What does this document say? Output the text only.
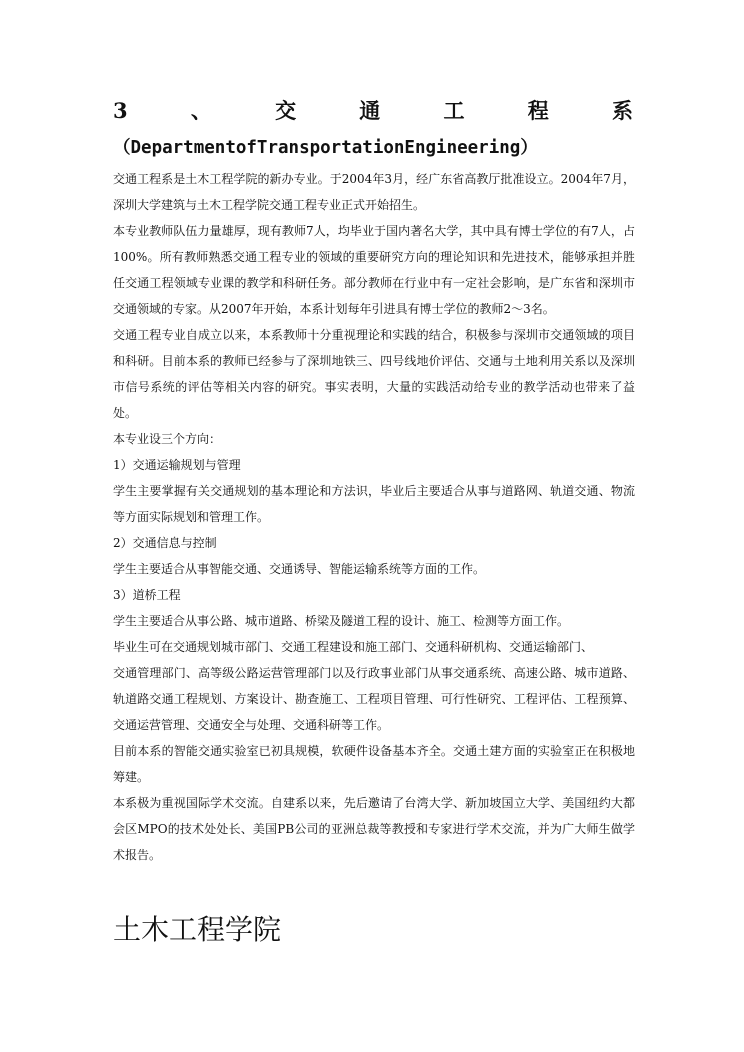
3	、	交	通	工	程	系
（DepartmentofTransportationEngineering）

交通工程系是土木工程学院的新办专业。于2004年3月，经广东省高教厅批准设立。2004年7月，深圳大学建筑与土木工程学院交通工程专业正式开始招生。

本专业教师队伍力量雄厚，现有教师7人，均毕业于国内著名大学，其中具有博士学位的有7人，占100%。所有教师熟悉交通工程专业的领域的重要研究方向的理论知识和先进技术，能够承担并胜任交通工程领域专业课的教学和科研任务。部分教师在行业中有一定社会影响，是广东省和深圳市交通领域的专家。从2007年开始，本系计划每年引进具有博士学位的教师2～3名。

交通工程专业自成立以来，本系教师十分重视理论和实践的结合，积极参与深圳市交通领域的项目和科研。目前本系的教师已经参与了深圳地铁三、四号线地价评估、交通与土地利用关系以及深圳市信号系统的评估等相关内容的研究。事实表明，大量的实践活动给专业的教学活动也带来了益处。

本专业设三个方向：

1）交通运输规划与管理

学生主要掌握有关交通规划的基本理论和方法识，毕业后主要适合从事与道路网、轨道交通、物流等方面实际规划和管理工作。

2）交通信息与控制

学生主要适合从事智能交通、交通诱导、智能运输系统等方面的工作。

3）道桥工程

学生主要适合从事公路、城市道路、桥梁及隧道工程的设计、施工、检测等方面工作。

毕业生可在交通规划城市部门、交通工程建设和施工部门、交通科研机构、交通运输部门、

交通管理部门、高等级公路运营管理部门以及行政事业部门从事交通系统、高速公路、城市道路、轨道路交通工程规划、方案设计、勘查施工、工程项目管理、可行性研究、工程评估、工程预算、交通运营管理、交通安全与处理、交通科研等工作。

目前本系的智能交通实验室已初具规模，软硬件设备基本齐全。交通土建方面的实验室正在积极地筹建。

本系极为重视国际学术交流。自建系以来，先后邀请了台湾大学、新加坡国立大学、美国纽约大都会区MPO的技术处处长、美国PB公司的亚洲总裁等教授和专家进行学术交流，并为广大师生做学术报告。

土木工程学院
